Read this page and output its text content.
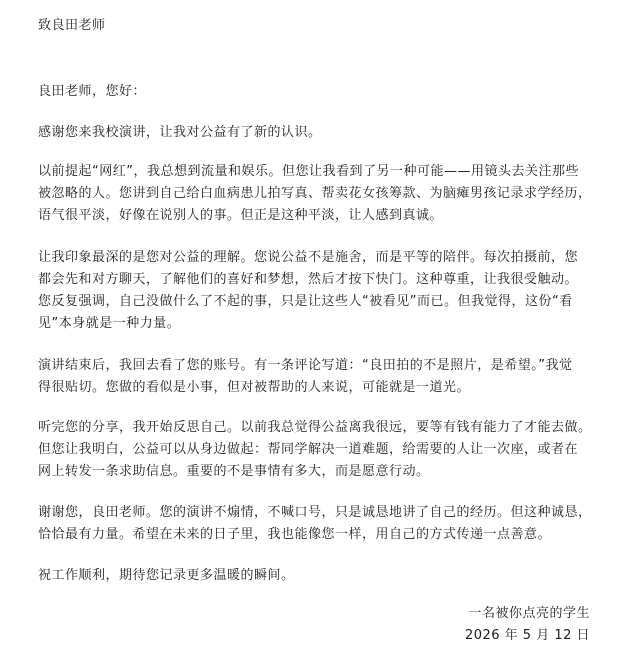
致良田老师
良田老师，您好：
感谢您来我校演讲，让我对公益有了新的认识。
以前提起“网红”，我总想到流量和娱乐。但您让我看到了另一种可能——用镜头去关注那些
被忽略的人。您讲到自己给白血病患儿拍写真、帮卖花女孩筹款、为脑瘫男孩记录求学经历，
语气很平淡，好像在说别人的事。但正是这种平淡，让人感到真诚。
让我印象最深的是您对公益的理解。您说公益不是施舍，而是平等的陪伴。每次拍摄前，您
都会先和对方聊天，了解他们的喜好和梦想，然后才按下快门。这种尊重，让我很受触动。
您反复强调，自己没做什么了不起的事，只是让这些人“被看见”而已。但我觉得，这份“看
见”本身就是一种力量。
演讲结束后，我回去看了您的账号。有一条评论写道：“良田拍的不是照片，是希望。”我觉
得很贴切。您做的看似是小事，但对被帮助的人来说，可能就是一道光。
听完您的分享，我开始反思自己。以前我总觉得公益离我很远，要等有钱有能力了才能去做。
但您让我明白，公益可以从身边做起：帮同学解决一道难题，给需要的人让一次座，或者在
网上转发一条求助信息。重要的不是事情有多大，而是愿意行动。
谢谢您，良田老师。您的演讲不煽情，不喊口号，只是诚恳地讲了自己的经历。但这种诚恳，
恰恰最有力量。希望在未来的日子里，我也能像您一样，用自己的方式传递一点善意。
祝工作顺利，期待您记录更多温暖的瞬间。
一名被你点亮的学生
2026 年 5 月 12 日
